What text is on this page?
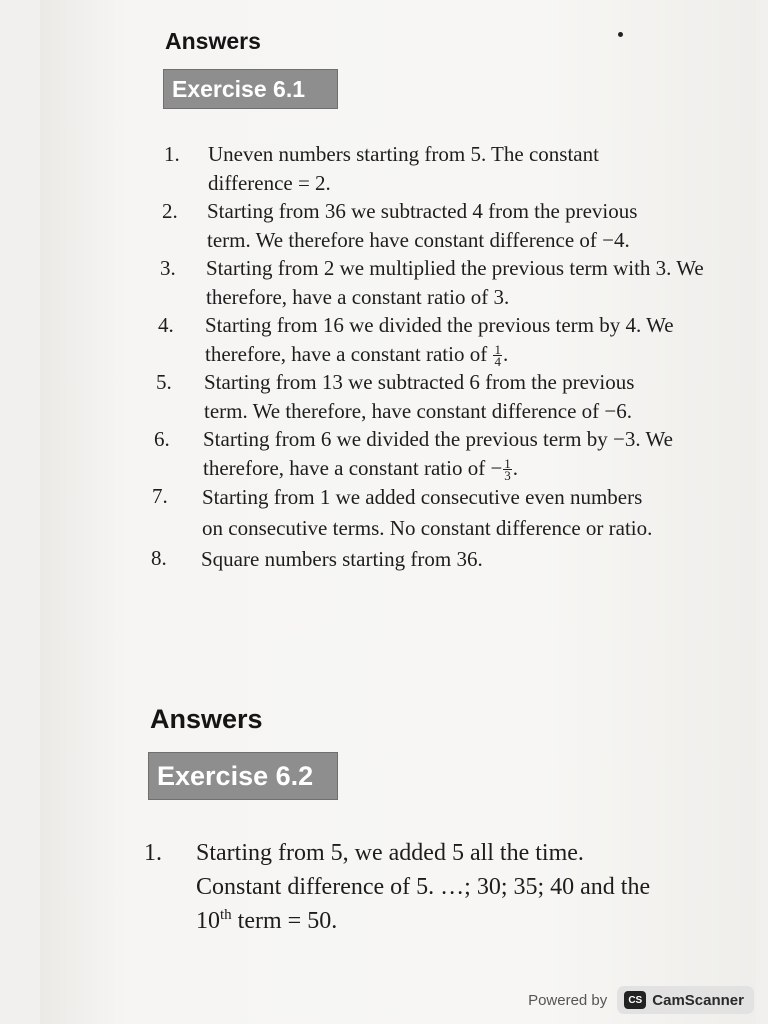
Answers
Exercise 6.1
1. Uneven numbers starting from 5. The constant difference = 2.
2. Starting from 36 we subtracted 4 from the previous term. We therefore have constant difference of −4.
3. Starting from 2 we multiplied the previous term with 3. We therefore, have a constant ratio of 3.
4. Starting from 16 we divided the previous term by 4. We therefore, have a constant ratio of $\frac{1}{4}$ .
5. Starting from 13 we subtracted 6 from the previous term. We therefore, have constant difference of −6.
6. Starting from 6 we divided the previous term by −3. We therefore, have a constant ratio of − $\frac{1}{3}$ .
7. Starting from 1 we added consecutive even numbers on consecutive terms. No constant difference or ratio.
8. Square numbers starting from 36.
Answers
Exercise 6.2
1. Starting from 5, we added 5 all the time.
Constant difference of 5. …; 30; 35; 40 and the
10th term = 50.
Powered by	CS CamScanner
